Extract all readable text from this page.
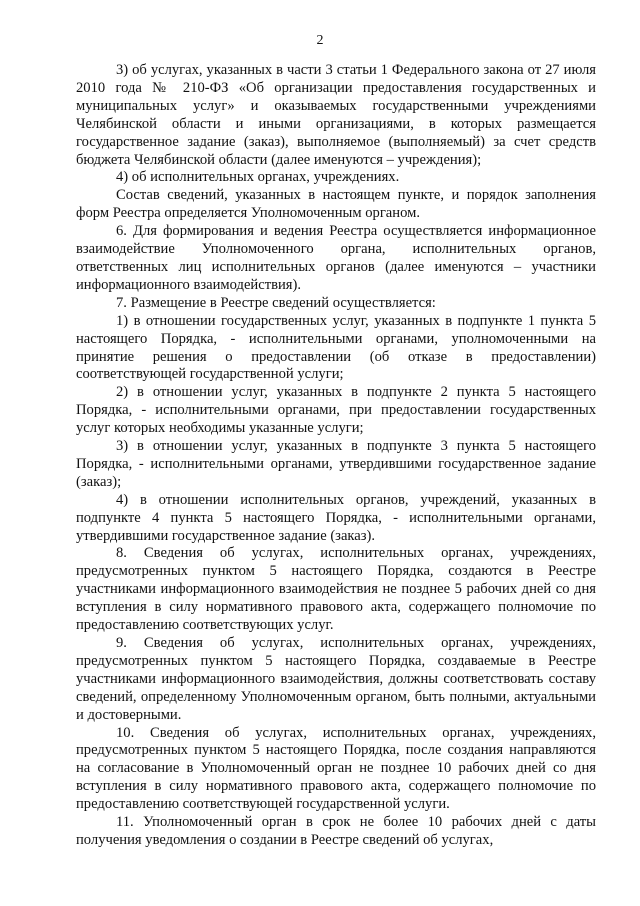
2

3) об услугах, указанных в части 3 статьи 1 Федерального закона от 27 июля 2010 года № 210-ФЗ «Об организации предоставления государственных и муниципальных услуг» и оказываемых государственными учреждениями Челябинской области и иными организациями, в которых размещается государственное задание (заказ), выполняемое (выполняемый) за счет средств бюджета Челябинской области (далее именуются – учреждения);

4) об исполнительных органах, учреждениях.

Состав сведений, указанных в настоящем пункте, и порядок заполнения форм Реестра определяется Уполномоченным органом.

6. Для формирования и ведения Реестра осуществляется информационное взаимодействие Уполномоченного органа, исполнительных органов, ответственных лиц исполнительных органов (далее именуются – участники информационного взаимодействия).

7. Размещение в Реестре сведений осуществляется:

1) в отношении государственных услуг, указанных в подпункте 1 пункта 5 настоящего Порядка, - исполнительными органами, уполномоченными на принятие решения о предоставлении (об отказе в предоставлении) соответствующей государственной услуги;

2) в отношении услуг, указанных в подпункте 2 пункта 5 настоящего Порядка, - исполнительными органами, при предоставлении государственных услуг которых необходимы указанные услуги;

3) в отношении услуг, указанных в подпункте 3 пункта 5 настоящего Порядка, - исполнительными органами, утвердившими государственное задание (заказ);

4) в отношении исполнительных органов, учреждений, указанных в подпункте 4 пункта 5 настоящего Порядка, - исполнительными органами, утвердившими государственное задание (заказ).

8. Сведения об услугах, исполнительных органах, учреждениях, предусмотренных пунктом 5 настоящего Порядка, создаются в Реестре участниками информационного взаимодействия не позднее 5 рабочих дней со дня вступления в силу нормативного правового акта, содержащего полномочие по предоставлению соответствующих услуг.

9. Сведения об услугах, исполнительных органах, учреждениях, предусмотренных пунктом 5 настоящего Порядка, создаваемые в Реестре участниками информационного взаимодействия, должны соответствовать составу сведений, определенному Уполномоченным органом, быть полными, актуальными и достоверными.

10. Сведения об услугах, исполнительных органах, учреждениях, предусмотренных пунктом 5 настоящего Порядка, после создания направляются на согласование в Уполномоченный орган не позднее 10 рабочих дней со дня вступления в силу нормативного правового акта, содержащего полномочие по предоставлению соответствующей государственной услуги.

11. Уполномоченный орган в срок не более 10 рабочих дней с даты получения уведомления о создании в Реестре сведений об услугах,
